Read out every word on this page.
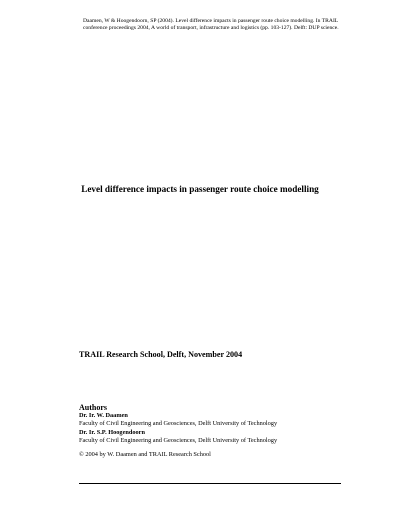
Daamen, W & Hoogendoorn, SP (2004). Level difference impacts in passenger route choice modelling. In TRAIL conference proceedings 2004, A world of transport, infrastructure and logistics (pp. 103-127). Delft: DUP science.
Level difference impacts in passenger route choice modelling
TRAIL Research School, Delft, November 2004
Authors
Dr. Ir. W. Daamen
Faculty of Civil Engineering and Geosciences, Delft University of Technology
Dr. Ir. S.P. Hoogendoorn
Faculty of Civil Engineering and Geosciences, Delft University of Technology
© 2004 by W. Daamen and TRAIL Research School
